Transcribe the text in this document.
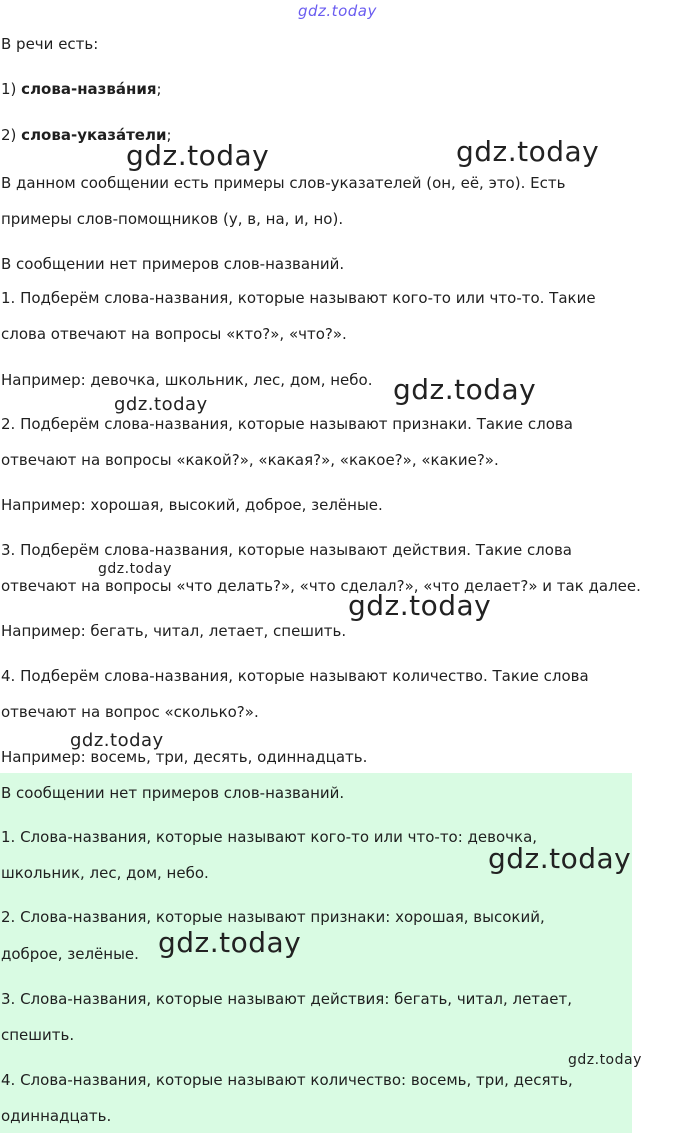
gdz.today
В речи есть:
1) слова-назва́ния;
2) слова-указа́тели;
В данном сообщении есть примеры слов-указателей (он, её, это). Есть
примеры слов-помощников (у, в, на, и, но).
В сообщении нет примеров слов-названий.
1. Подберём слова-названия, которые называют кого-то или что-то. Такие
слова отвечают на вопросы «кто?», «что?».
Например: девочка, школьник, лес, дом, небо.
2. Подберём слова-названия, которые называют признаки. Такие слова
отвечают на вопросы «какой?», «какая?», «какое?», «какие?».
Например: хорошая, высокий, доброе, зелёные.
3. Подберём слова-названия, которые называют действия. Такие слова
отвечают на вопросы «что делать?», «что сделал?», «что делает?» и так далее.
Например: бегать, читал, летает, спешить.
4. Подберём слова-названия, которые называют количество. Такие слова
отвечают на вопрос «сколько?».
Например: восемь, три, десять, одиннадцать.
В сообщении нет примеров слов-названий.
1. Слова-названия, которые называют кого-то или что-то: девочка,
школьник, лес, дом, небо.
2. Слова-названия, которые называют признаки: хорошая, высокий,
доброе, зелёные.
3. Слова-названия, которые называют действия: бегать, читал, летает,
спешить.
4. Слова-названия, которые называют количество: восемь, три, десять,
одиннадцать.
gdz.today	gdz.today
gdz.today
gdz.today
gdz.today
gdz.today
gdz.today
gdz.today
gdz.today
gdz.today
